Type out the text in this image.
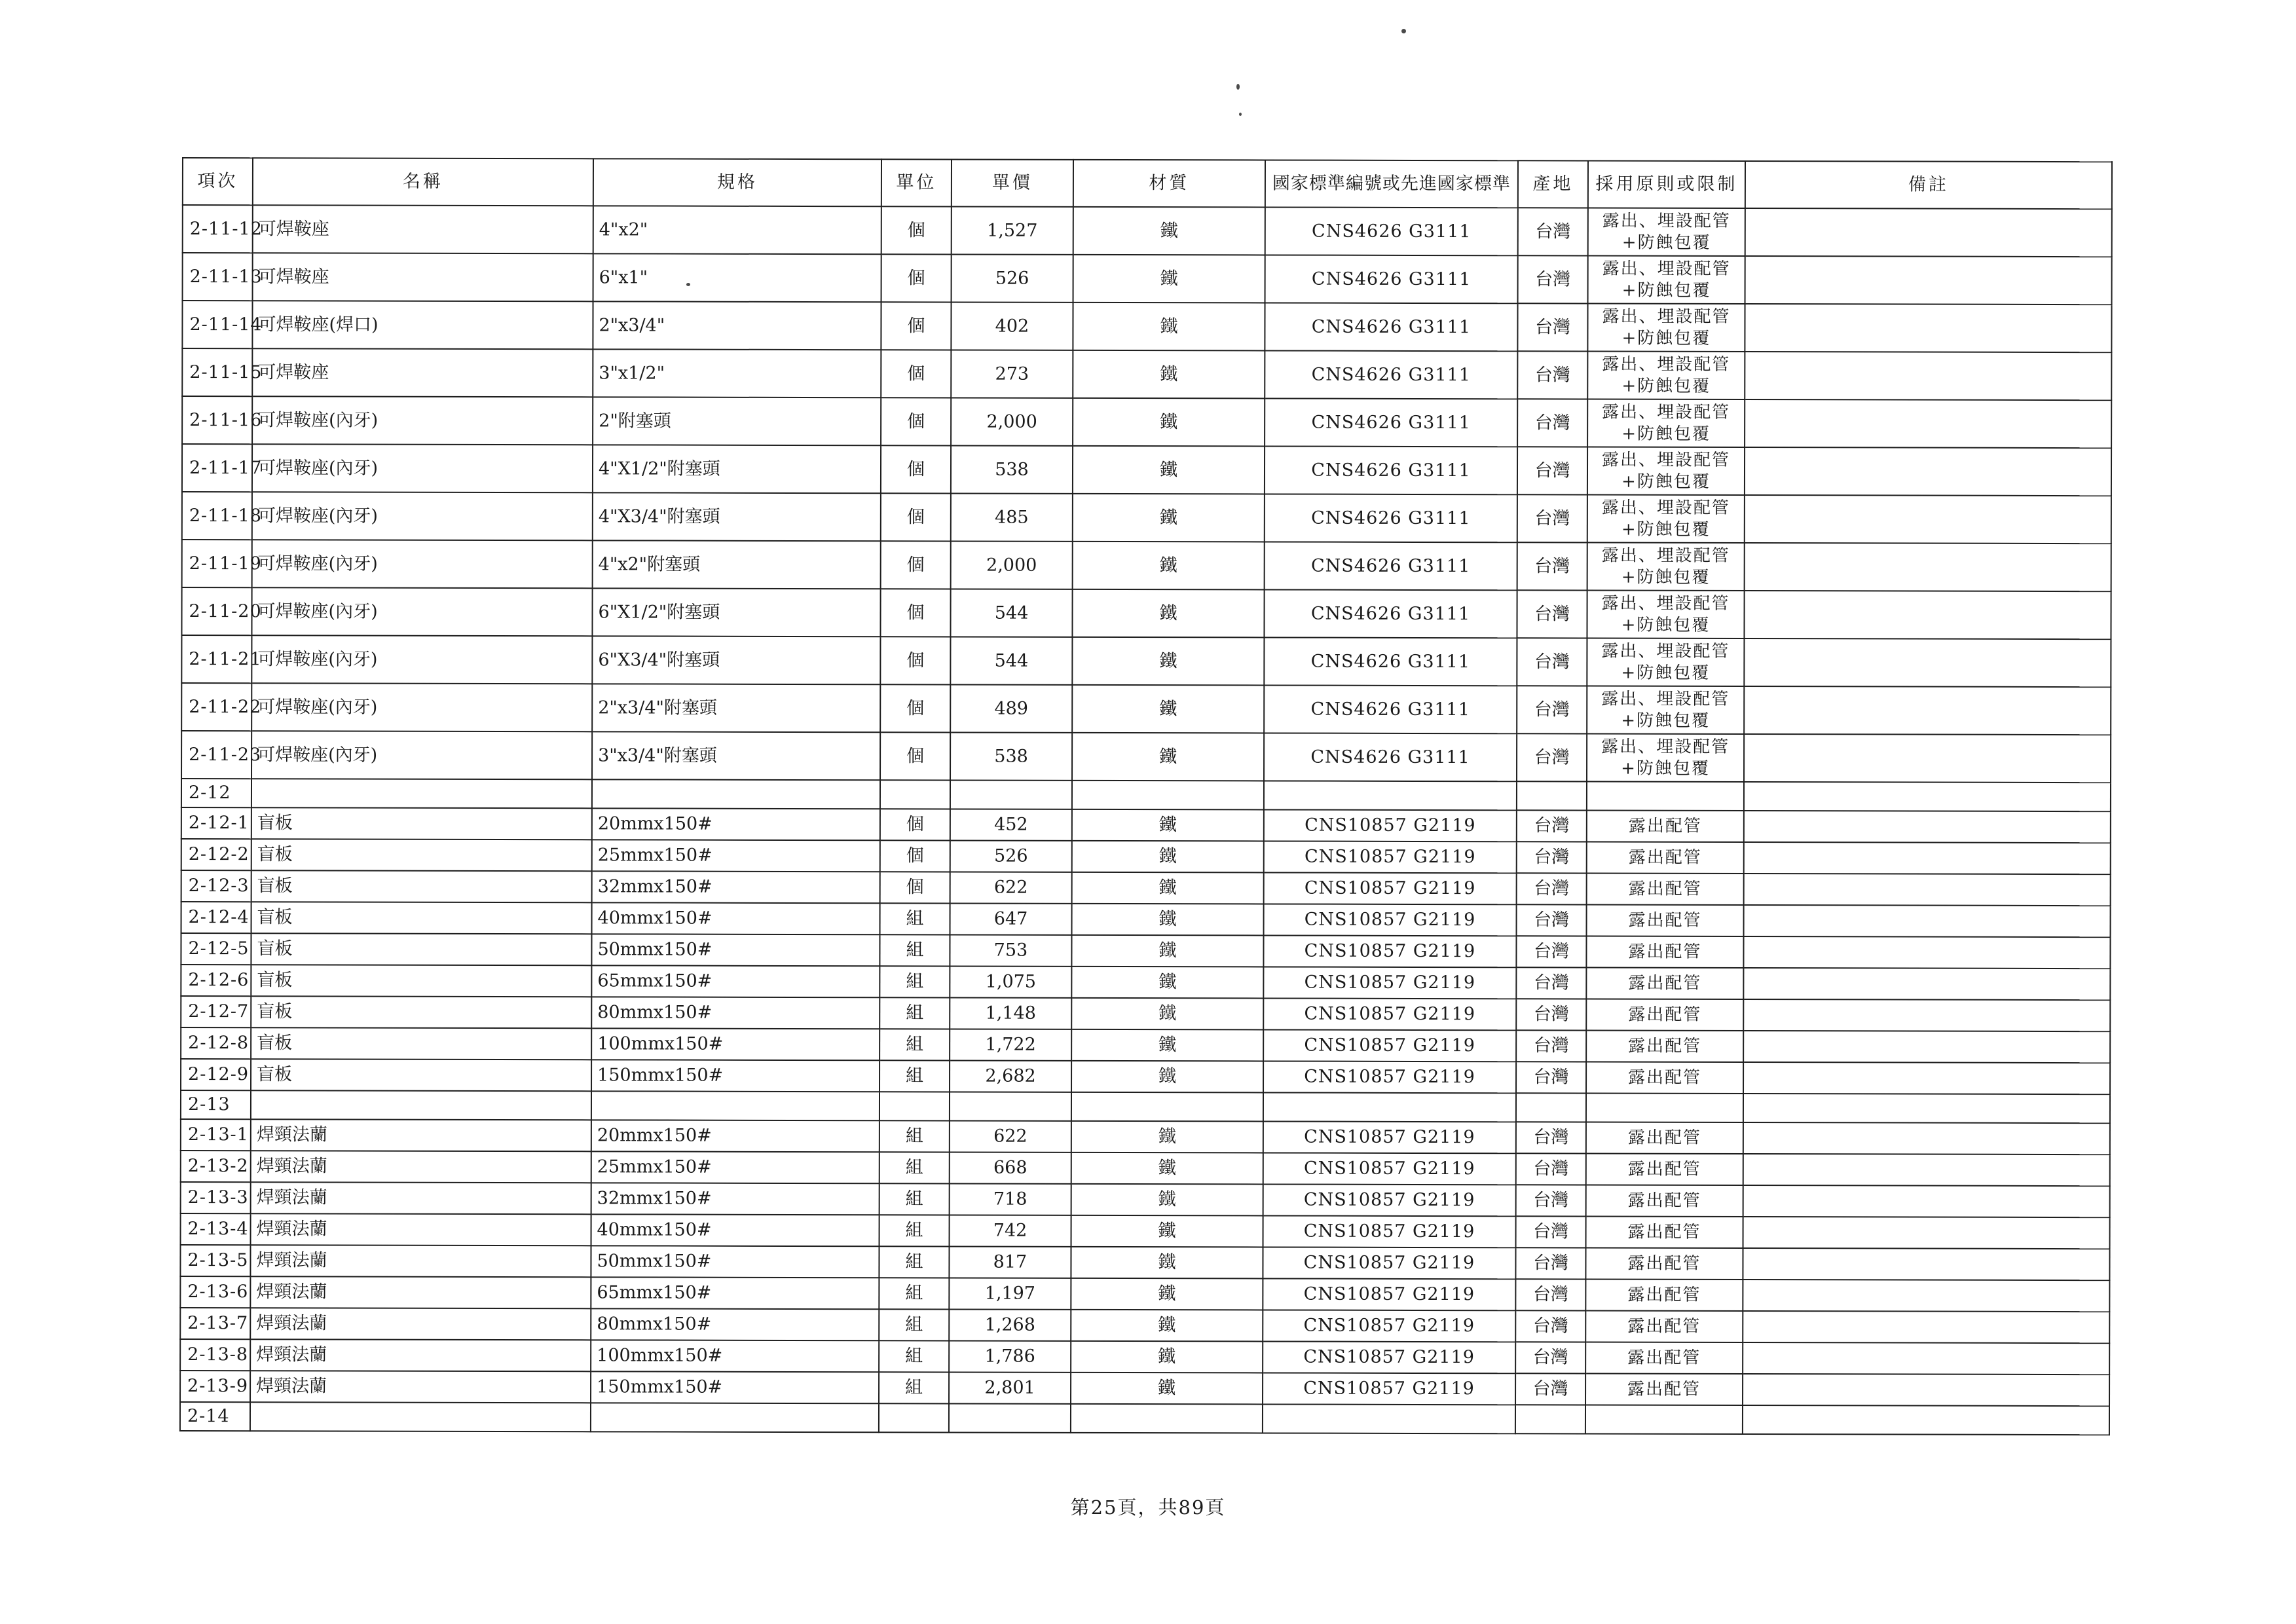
項次	名稱	規格	單位	單價	材質	國家標準編號或先進國家標準	產地	採用原則或限制	備註
2-11-12	可焊鞍座	4"x2"	個	1,527	鐵	CNS4626 G3111	台灣	露出、埋設配管+防蝕包覆	
2-11-13	可焊鞍座	6"x1"	個	526	鐵	CNS4626 G3111	台灣	露出、埋設配管+防蝕包覆	
2-11-14	可焊鞍座(焊口)	2"x3/4"	個	402	鐵	CNS4626 G3111	台灣	露出、埋設配管+防蝕包覆	
2-11-15	可焊鞍座	3"x1/2"	個	273	鐵	CNS4626 G3111	台灣	露出、埋設配管+防蝕包覆	
2-11-16	可焊鞍座(內牙)	2"附塞頭	個	2,000	鐵	CNS4626 G3111	台灣	露出、埋設配管+防蝕包覆	
2-11-17	可焊鞍座(內牙)	4"X1/2"附塞頭	個	538	鐵	CNS4626 G3111	台灣	露出、埋設配管+防蝕包覆	
2-11-18	可焊鞍座(內牙)	4"X3/4"附塞頭	個	485	鐵	CNS4626 G3111	台灣	露出、埋設配管+防蝕包覆	
2-11-19	可焊鞍座(內牙)	4"x2"附塞頭	個	2,000	鐵	CNS4626 G3111	台灣	露出、埋設配管+防蝕包覆	
2-11-20	可焊鞍座(內牙)	6"X1/2"附塞頭	個	544	鐵	CNS4626 G3111	台灣	露出、埋設配管+防蝕包覆	
2-11-21	可焊鞍座(內牙)	6"X3/4"附塞頭	個	544	鐵	CNS4626 G3111	台灣	露出、埋設配管+防蝕包覆	
2-11-22	可焊鞍座(內牙)	2"x3/4"附塞頭	個	489	鐵	CNS4626 G3111	台灣	露出、埋設配管+防蝕包覆	
2-11-23	可焊鞍座(內牙)	3"x3/4"附塞頭	個	538	鐵	CNS4626 G3111	台灣	露出、埋設配管+防蝕包覆	
2-12									
2-12-1	盲板	20mmx150#	個	452	鐵	CNS10857 G2119	台灣	露出配管	
2-12-2	盲板	25mmx150#	個	526	鐵	CNS10857 G2119	台灣	露出配管	
2-12-3	盲板	32mmx150#	個	622	鐵	CNS10857 G2119	台灣	露出配管	
2-12-4	盲板	40mmx150#	組	647	鐵	CNS10857 G2119	台灣	露出配管	
2-12-5	盲板	50mmx150#	組	753	鐵	CNS10857 G2119	台灣	露出配管	
2-12-6	盲板	65mmx150#	組	1,075	鐵	CNS10857 G2119	台灣	露出配管	
2-12-7	盲板	80mmx150#	組	1,148	鐵	CNS10857 G2119	台灣	露出配管	
2-12-8	盲板	100mmx150#	組	1,722	鐵	CNS10857 G2119	台灣	露出配管	
2-12-9	盲板	150mmx150#	組	2,682	鐵	CNS10857 G2119	台灣	露出配管	
2-13									
2-13-1	焊頸法蘭	20mmx150#	組	622	鐵	CNS10857 G2119	台灣	露出配管	
2-13-2	焊頸法蘭	25mmx150#	組	668	鐵	CNS10857 G2119	台灣	露出配管	
2-13-3	焊頸法蘭	32mmx150#	組	718	鐵	CNS10857 G2119	台灣	露出配管	
2-13-4	焊頸法蘭	40mmx150#	組	742	鐵	CNS10857 G2119	台灣	露出配管	
2-13-5	焊頸法蘭	50mmx150#	組	817	鐵	CNS10857 G2119	台灣	露出配管	
2-13-6	焊頸法蘭	65mmx150#	組	1,197	鐵	CNS10857 G2119	台灣	露出配管	
2-13-7	焊頸法蘭	80mmx150#	組	1,268	鐵	CNS10857 G2119	台灣	露出配管	
2-13-8	焊頸法蘭	100mmx150#	組	1,786	鐵	CNS10857 G2119	台灣	露出配管	
2-13-9	焊頸法蘭	150mmx150#	組	2,801	鐵	CNS10857 G2119	台灣	露出配管	
2-14									
第25頁，共89頁
